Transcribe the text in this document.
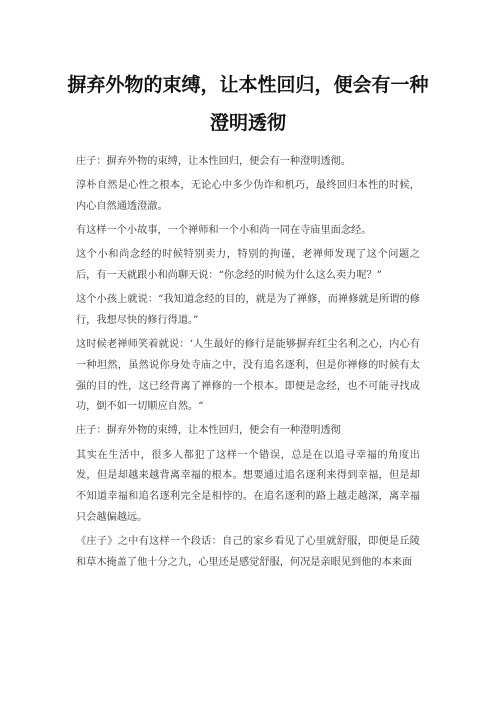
摒弃外物的束缚，让本性回归，便会有一种
澄明透彻

庄子：摒弃外物的束缚，让本性回归，便会有一种澄明透彻。

淳朴自然是心性之根本，无论心中多少伪诈和机巧，最终回归本性的时候，内心自然通透澄澈。

有这样一个小故事，一个禅师和一个小和尚一同在寺庙里面念经。

这个小和尚念经的时候特别卖力，特别的拘谨，老禅师发现了这个问题之后，有一天就跟小和尚聊天说：“你念经的时候为什么这么卖力呢？”

这个小孩上就说：“我知道念经的目的，就是为了禅修，而禅修就是所谓的修行，我想尽快的修行得道。”

这时候老禅师笑着就说：‘人生最好的修行是能够摒弃红尘名利之心，内心有一种坦然，虽然说你身处寺庙之中，没有追名逐利，但是你禅修的时候有太强的目的性，这已经背离了禅修的一个根本。即便是念经，也不可能寻找成功，倒不如一切顺应自然。“

庄子：摒弃外物的束缚，让本性回归，便会有一种澄明透彻

其实在生活中，很多人都犯了这样一个错误，总是在以追寻幸福的角度出发，但是却越来越背离幸福的根本。想要通过追名逐利来得到幸福，但是却不知道幸福和追名逐利完全是相悖的。在追名逐利的路上越走越深，离幸福只会越偏越远。

《庄子》之中有这样一个段话：自己的家乡看见了心里就舒服，即便是丘陵和草木掩盖了他十分之九，心里还是感觉舒服，何况是亲眼见到他的本来面
